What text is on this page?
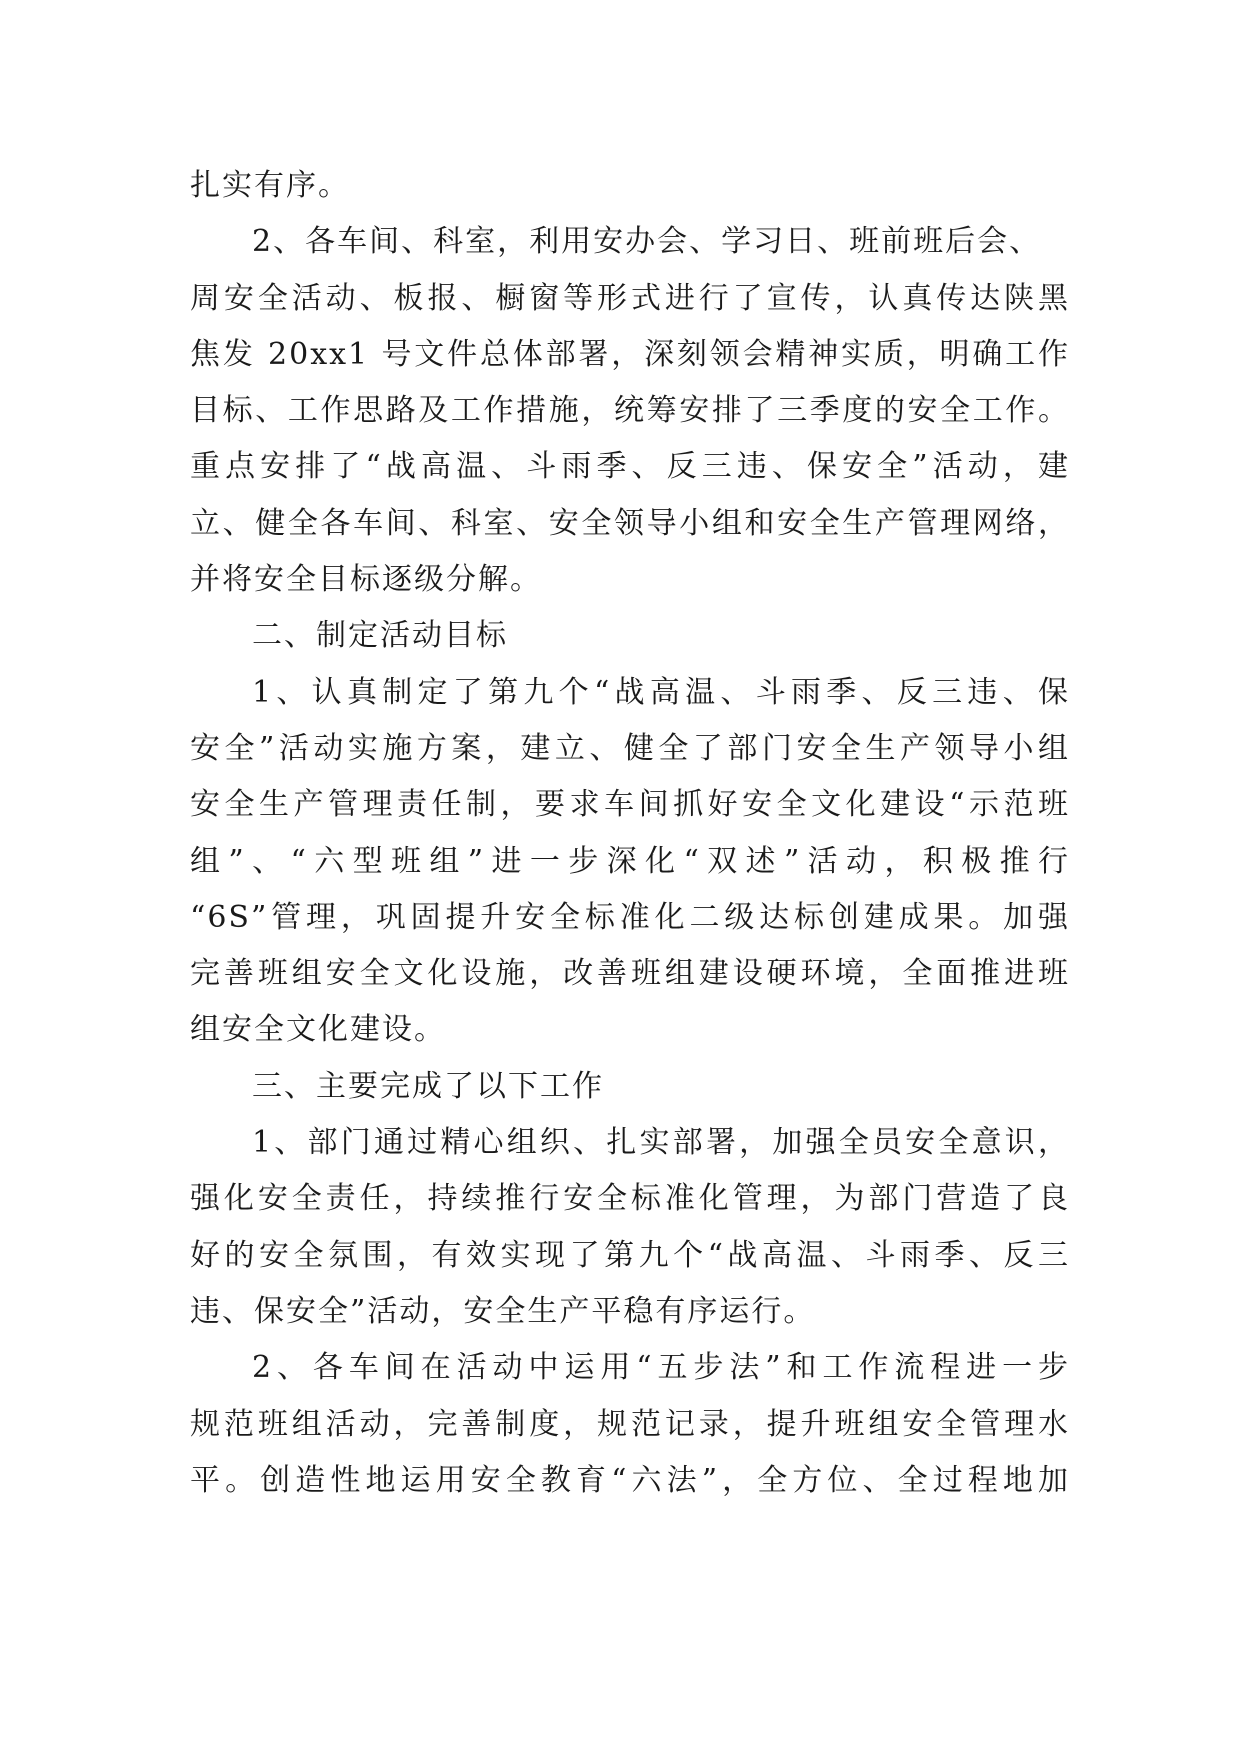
扎实有序。
2、各车间、科室，利用安办会、学习日、班前班后会、
周安全活动、板报、橱窗等形式进行了宣传，认真传达陕黑
焦发 20xx1 号文件总体部署，深刻领会精神实质，明确工作
目标、工作思路及工作措施，统筹安排了三季度的安全工作。
重点安排了“战高温、斗雨季、反三违、保安全”活动，建
立、健全各车间、科室、安全领导小组和安全生产管理网络，
并将安全目标逐级分解。
二、制定活动目标
1、认真制定了第九个“战高温、斗雨季、反三违、保
安全”活动实施方案，建立、健全了部门安全生产领导小组
安全生产管理责任制，要求车间抓好安全文化建设“示范班
组”、“六型班组”进一步深化“双述”活动，积极推行
“6S”管理，巩固提升安全标准化二级达标创建成果。加强
完善班组安全文化设施，改善班组建设硬环境，全面推进班
组安全文化建设。
三、主要完成了以下工作
1、部门通过精心组织、扎实部署，加强全员安全意识，
强化安全责任，持续推行安全标准化管理，为部门营造了良
好的安全氛围，有效实现了第九个“战高温、斗雨季、反三
违、保安全”活动，安全生产平稳有序运行。
2、各车间在活动中运用“五步法”和工作流程进一步
规范班组活动，完善制度，规范记录，提升班组安全管理水
平。创造性地运用安全教育“六法”，全方位、全过程地加
